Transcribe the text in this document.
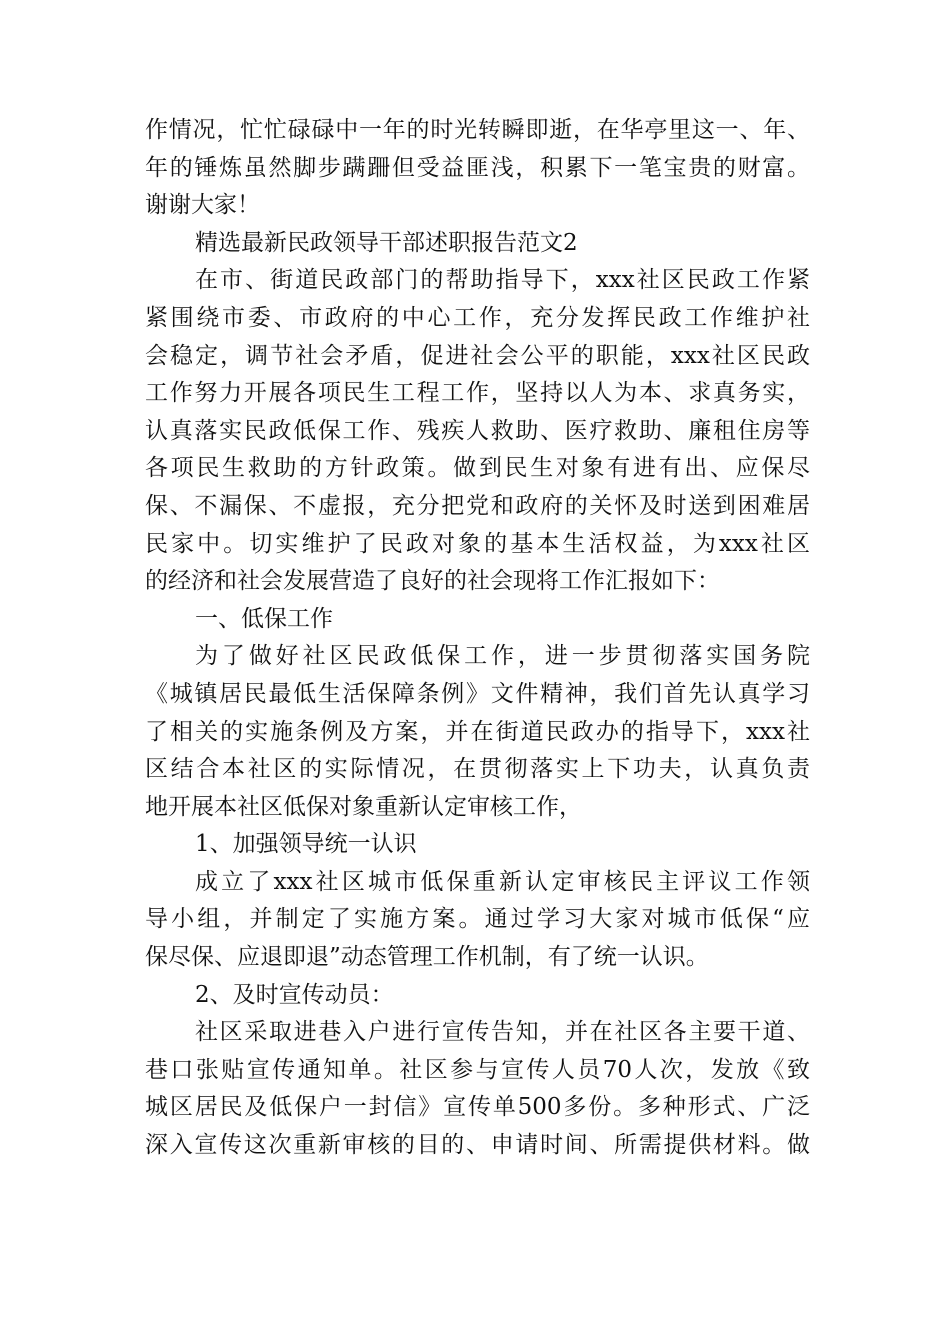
作情况，忙忙碌碌中一年的时光转瞬即逝，在华亭里这一、年、
年的锤炼虽然脚步蹒跚但受益匪浅，积累下一笔宝贵的财富。
谢谢大家！
精选最新民政领导干部述职报告范文2
在市、街道民政部门的帮助指导下，xxx社区民政工作紧
紧围绕市委、市政府的中心工作，充分发挥民政工作维护社
会稳定，调节社会矛盾，促进社会公平的职能，xxx社区民政
工作努力开展各项民生工程工作，坚持以人为本、求真务实，
认真落实民政低保工作、残疾人救助、医疗救助、廉租住房等
各项民生救助的方针政策。做到民生对象有进有出、应保尽
保、不漏保、不虚报，充分把党和政府的关怀及时送到困难居
民家中。切实维护了民政对象的基本生活权益，为xxx社区
的经济和社会发展营造了良好的社会现将工作汇报如下：
一、低保工作
为了做好社区民政低保工作，进一步贯彻落实国务院
《城镇居民最低生活保障条例》文件精神，我们首先认真学习
了相关的实施条例及方案，并在街道民政办的指导下，xxx社
区结合本社区的实际情况，在贯彻落实上下功夫，认真负责
地开展本社区低保对象重新认定审核工作，
1、加强领导统一认识
成立了xxx社区城市低保重新认定审核民主评议工作领
导小组，并制定了实施方案。通过学习大家对城市低保“应
保尽保、应退即退”动态管理工作机制，有了统一认识。
2、及时宣传动员：
社区采取进巷入户进行宣传告知，并在社区各主要干道、
巷口张贴宣传通知单。社区参与宣传人员70人次，发放《致
城区居民及低保户一封信》宣传单500多份。多种形式、广泛
深入宣传这次重新审核的目的、申请时间、所需提供材料。做
